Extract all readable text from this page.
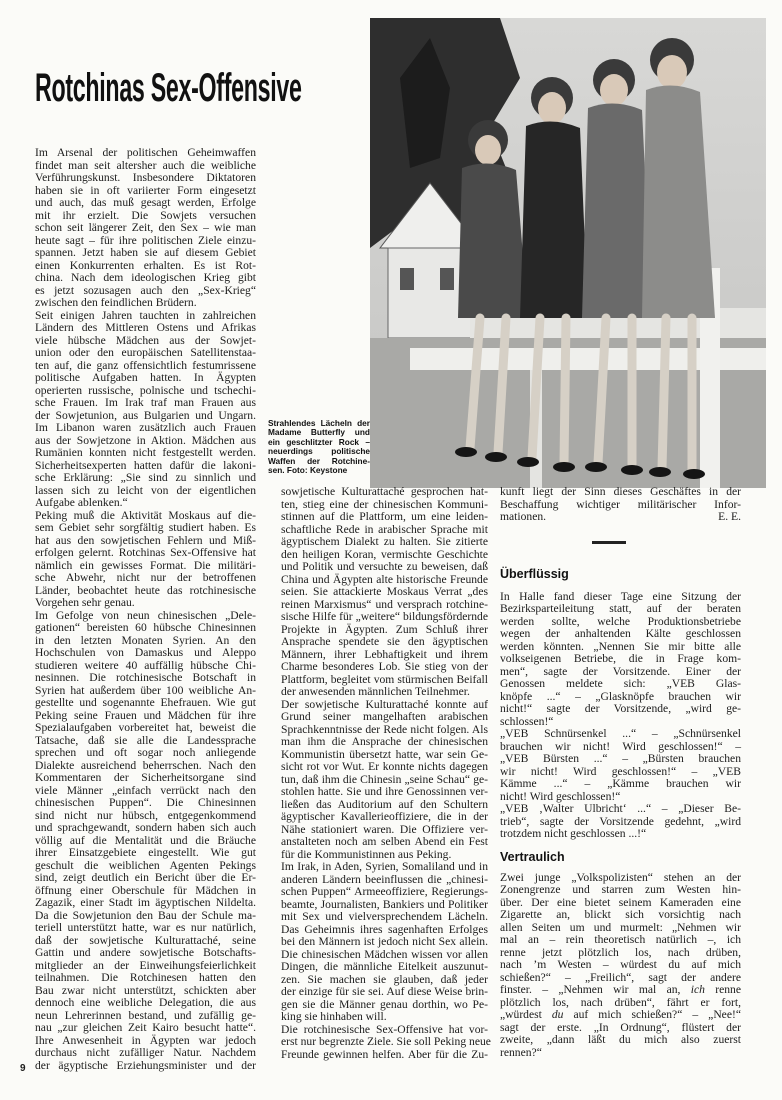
Rotchinas Sex-Offensive
Strahlendes Lächeln der
Madame Butterfly und
ein geschlitzter Rock –
neuerdings politische
Waffen der Rotchine-
sen. Foto: Keystone
Im Arsenal der politischen Geheimwaffen
findet man seit altersher auch die weibliche
Verführungskunst. Insbesondere Diktatoren
haben sie in oft variierter Form eingesetzt
und auch, das muß gesagt werden, Erfolge
mit ihr erzielt. Die Sowjets versuchen
schon seit längerer Zeit, den Sex – wie man
heute sagt – für ihre politischen Ziele einzu-
spannen. Jetzt haben sie auf diesem Gebiet
einen Konkurrenten erhalten. Es ist Rot-
china. Nach dem ideologischen Krieg gibt
es jetzt sozusagen auch den „Sex-Krieg“
zwischen den feindlichen Brüdern.
Seit einigen Jahren tauchten in zahlreichen
Ländern des Mittleren Ostens und Afrikas
viele hübsche Mädchen aus der Sowjet-
union oder den europäischen Satellitenstaa-
ten auf, die ganz offensichtlich festumrissene
politische Aufgaben hatten. In Ägypten
operierten russische, polnische und tschechi-
sche Frauen. Im Irak traf man Frauen aus
der Sowjetunion, aus Bulgarien und Ungarn.
Im Libanon waren zusätzlich auch Frauen
aus der Sowjetzone in Aktion. Mädchen aus
Rumänien konnten nicht festgestellt werden.
Sicherheitsexperten hatten dafür die lakoni-
sche Erklärung: „Sie sind zu sinnlich und
lassen sich zu leicht von der eigentlichen
Aufgabe ablenken.“
Peking muß die Aktivität Moskaus auf die-
sem Gebiet sehr sorgfältig studiert haben. Es
hat aus den sowjetischen Fehlern und Miß-
erfolgen gelernt. Rotchinas Sex-Offensive hat
nämlich ein gewisses Format. Die militäri-
sche Abwehr, nicht nur der betroffenen
Länder, beobachtet heute das rotchinesische
Vorgehen sehr genau.
Im Gefolge von neun chinesischen „Dele-
gationen“ bereisten 60 hübsche Chinesinnen
in den letzten Monaten Syrien. An den
Hochschulen von Damaskus und Aleppo
studieren weitere 40 auffällig hübsche Chi-
nesinnen. Die rotchinesische Botschaft in
Syrien hat außerdem über 100 weibliche An-
gestellte und sogenannte Ehefrauen. Wie gut
Peking seine Frauen und Mädchen für ihre
Spezialaufgaben vorbereitet hat, beweist die
Tatsache, daß sie alle die Landessprache
sprechen und oft sogar noch anliegende
Dialekte ausreichend beherrschen. Nach den
Kommentaren der Sicherheitsorgane sind
viele Männer „einfach verrückt nach den
chinesischen Puppen“. Die Chinesinnen
sind nicht nur hübsch, entgegenkommend
und sprachgewandt, sondern haben sich auch
völlig auf die Mentalität und die Bräuche
ihrer Einsatzgebiete eingestellt. Wie gut
geschult die weiblichen Agenten Pekings
sind, zeigt deutlich ein Bericht über die Er-
öffnung einer Oberschule für Mädchen in
Zagazik, einer Stadt im ägyptischen Nildelta.
Da die Sowjetunion den Bau der Schule ma-
teriell unterstützt hatte, war es nur natürlich,
daß der sowjetische Kulturattaché, seine
Gattin und andere sowjetische Botschafts-
mitglieder an der Einweihungsfeierlichkeit
teilnahmen. Die Rotchinesen hatten den
Bau zwar nicht unterstützt, schickten aber
dennoch eine weibliche Delegation, die aus
neun Lehrerinnen bestand, und zufällig ge-
nau „zur gleichen Zeit Kairo besucht hatte“.
Ihre Anwesenheit in Ägypten war jedoch
durchaus nicht zufälliger Natur. Nachdem
der ägyptische Erziehungsminister und der
sowjetische Kulturattaché gesprochen hat-
ten, stieg eine der chinesischen Kommuni-
stinnen auf die Plattform, um eine leiden-
schaftliche Rede in arabischer Sprache mit
ägyptischem Dialekt zu halten. Sie zitierte
den heiligen Koran, vermischte Geschichte
und Politik und versuchte zu beweisen, daß
China und Ägypten alte historische Freunde
seien. Sie attackierte Moskaus Verrat „des
reinen Marxismus“ und versprach rotchine-
sische Hilfe für „weitere“ bildungsfördernde
Projekte in Ägypten. Zum Schluß ihrer
Ansprache spendete sie den ägyptischen
Männern, ihrer Lebhaftigkeit und ihrem
Charme besonderes Lob. Sie stieg von der
Plattform, begleitet vom stürmischen Beifall
der anwesenden männlichen Teilnehmer.
Der sowjetische Kulturattaché konnte auf
Grund seiner mangelhaften arabischen
Sprachkenntnisse der Rede nicht folgen. Als
man ihm die Ansprache der chinesischen
Kommunistin übersetzt hatte, war sein Ge-
sicht rot vor Wut. Er konnte nichts dagegen
tun, daß ihm die Chinesin „seine Schau“ ge-
stohlen hatte. Sie und ihre Genossinnen ver-
ließen das Auditorium auf den Schultern
ägyptischer Kavallerieoffiziere, die in der
Nähe stationiert waren. Die Offiziere ver-
anstalteten noch am selben Abend ein Fest
für die Kommunistinnen aus Peking.
Im Irak, in Aden, Syrien, Somaliland und in
anderen Ländern beeinflussen die „chinesi-
schen Puppen“ Armeeoffiziere, Regierungs-
beamte, Journalisten, Bankiers und Politiker
mit Sex und vielversprechendem Lächeln.
Das Geheimnis ihres sagenhaften Erfolges
bei den Männern ist jedoch nicht Sex allein.
Die chinesischen Mädchen wissen vor allen
Dingen, die männliche Eitelkeit auszunut-
zen. Sie machen sie glauben, daß jeder
der einzige für sie sei. Auf diese Weise brin-
gen sie die Männer genau dorthin, wo Pe-
king sie hinhaben will.
Die rotchinesische Sex-Offensive hat vor-
erst nur begrenzte Ziele. Sie soll Peking neue
Freunde gewinnen helfen. Aber für die Zu-
kunft liegt der Sinn dieses Geschäftes in der
Beschaffung wichtiger militärischer Infor-
mationen.	E. E.
Überflüssig
In Halle fand dieser Tage eine Sitzung der
Bezirksparteileitung statt, auf der beraten
werden sollte, welche Produktionsbetriebe
wegen der anhaltenden Kälte geschlossen
werden könnten. „Nennen Sie mir bitte alle
volkseigenen Betriebe, die in Frage kom-
men“, sagte der Vorsitzende. Einer der
Genossen meldete sich: „VEB Glas-
knöpfe ...“ – „Glasknöpfe brauchen wir
nicht!“ sagte der Vorsitzende, „wird ge-
schlossen!“
„VEB Schnürsenkel ...“ – „Schnürsenkel
brauchen wir nicht! Wird geschlossen!“ –
„VEB Bürsten ...“ – „Bürsten brauchen
wir nicht! Wird geschlossen!“ – „VEB
Kämme ...“ – „Kämme brauchen wir
nicht! Wird geschlossen!“
„VEB ‚Walter Ulbricht‘ ...“ – „Dieser Be-
trieb“, sagte der Vorsitzende gedehnt, „wird
trotzdem nicht geschlossen ...!“
Vertraulich
Zwei junge „Volkspolizisten“ stehen an der
Zonengrenze und starren zum Westen hin-
über. Der eine bietet seinem Kameraden eine
Zigarette an, blickt sich vorsichtig nach
allen Seiten um und murmelt: „Nehmen wir
mal an – rein theoretisch natürlich –, ich
renne jetzt plötzlich los, nach drüben,
nach ’m Westen – würdest du auf mich
schießen?“ – „Freilich“, sagt der andere
finster. – „Nehmen wir mal an, ich renne
plötzlich los, nach drüben“, fährt er fort,
„würdest du auf mich schießen?“ – „Nee!“
sagt der erste. „In Ordnung“, flüstert der
zweite, „dann läßt du mich also zuerst
rennen?“
9
